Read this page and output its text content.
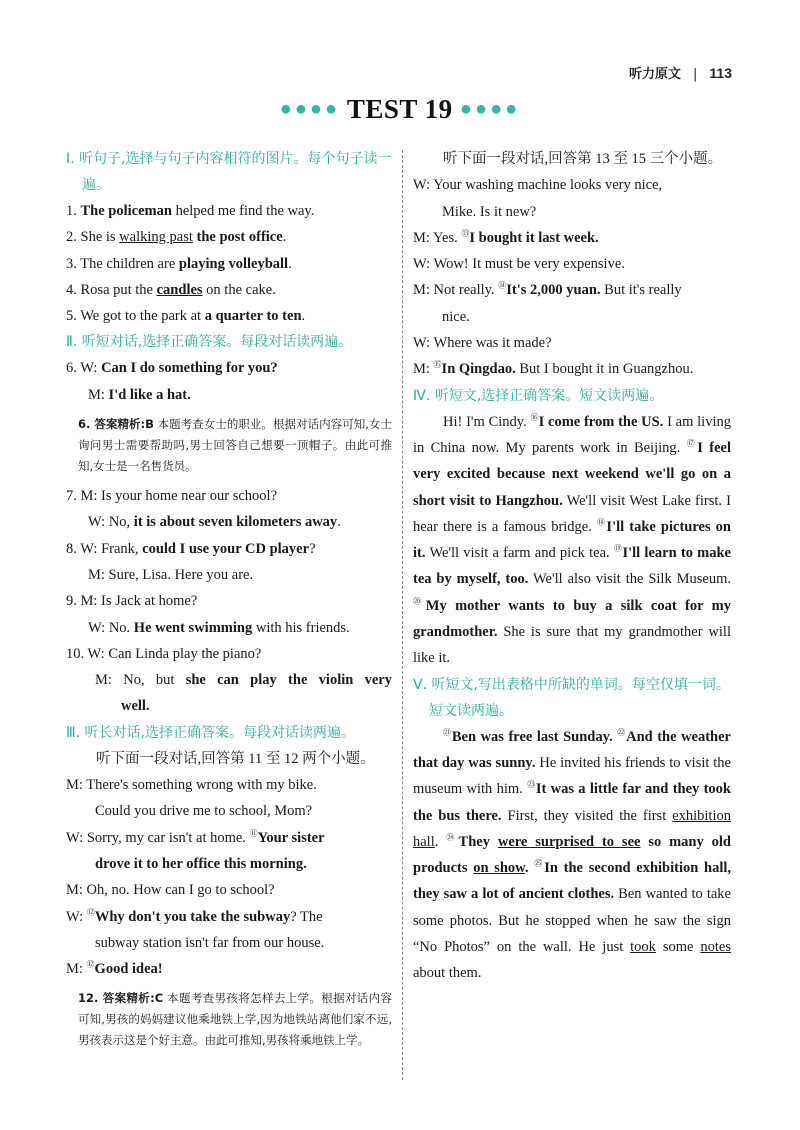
听力原文 | 113
●●●● TEST 19 ●●●●
Ⅰ. 听句子,选择与句子内容相符的图片。每个句子读一遍。
1. The policeman helped me find the way.
2. She is walking past the post office.
3. The children are playing volleyball.
4. Rosa put the candles on the cake.
5. We got to the park at a quarter to ten.
Ⅱ. 听短对话,选择正确答案。每段对话读两遍。
6. W: Can I do something for you?
M: I'd like a hat.
6. 答案精析:B 本题考查女士的职业。根据对话内容可知,女士询问男士需要帮助吗,男士回答自己想要一顶帽子。由此可推知,女士是一名售货员。
7. M: Is your home near our school?
W: No, it is about seven kilometers away.
8. W: Frank, could I use your CD player?
M: Sure, Lisa. Here you are.
9. M: Is Jack at home?
W: No. He went swimming with his friends.
10. W: Can Linda play the piano?
M: No, but she can play the violin very
well.
Ⅲ. 听长对话,选择正确答案。每段对话读两遍。
听下面一段对话,回答第 11 至 12 两个小题。
M: There's something wrong with my bike.
Could you drive me to school, Mom?
W: Sorry, my car isn't at home. ⑪Your sister
drove it to her office this morning.
M: Oh, no. How can I go to school?
W: ⑫Why don't you take the subway? The
subway station isn't far from our house.
M: ⑫Good idea!
12. 答案精析:C 本题考查男孩将怎样去上学。根据对话内容可知,男孩的妈妈建议他乘地铁上学,因为地铁站离他们家不远,男孩表示这是个好主意。由此可推知,男孩将乘地铁上学。
听下面一段对话,回答第 13 至 15 三个小题。
W: Your washing machine looks very nice,
Mike. Is it new?
M: Yes. ⑬I bought it last week.
W: Wow! It must be very expensive.
M: Not really. ⑭It's 2,000 yuan. But it's really
nice.
W: Where was it made?
M: ⑮In Qingdao. But I bought it in Guangzhou.
Ⅳ. 听短文,选择正确答案。短文读两遍。
Hi! I'm Cindy. ⑯I come from the US. I am living in China now. My parents work in Beijing. ⑰I feel very excited because next weekend we'll go on a short visit to Hangzhou. We'll visit West Lake first. I hear there is a famous bridge. ⑱I'll take pictures on it. We'll visit a farm and pick tea. ⑲I'll learn to make tea by myself, too. We'll also visit the Silk Museum. ⑳My mother wants to buy a silk coat for my grandmother. She is sure that my grandmother will like it.
Ⅴ. 听短文,写出表格中所缺的单词。每空仅填一词。短文读两遍。
$^㉑$Ben was free last Sunday. $^㉒$And the weather that day was sunny. He invited his friends to visit the museum with him. $^㉓$It was a little far and they took the bus there. First, they visited the first exhibition hall. $^㉔$They were surprised to see so many old products on show. $^㉕$In the second exhibition hall, they saw a lot of ancient clothes. Ben wanted to take some photos. But he stopped when he saw the sign “No Photos” on the wall. He just took some notes about them.
